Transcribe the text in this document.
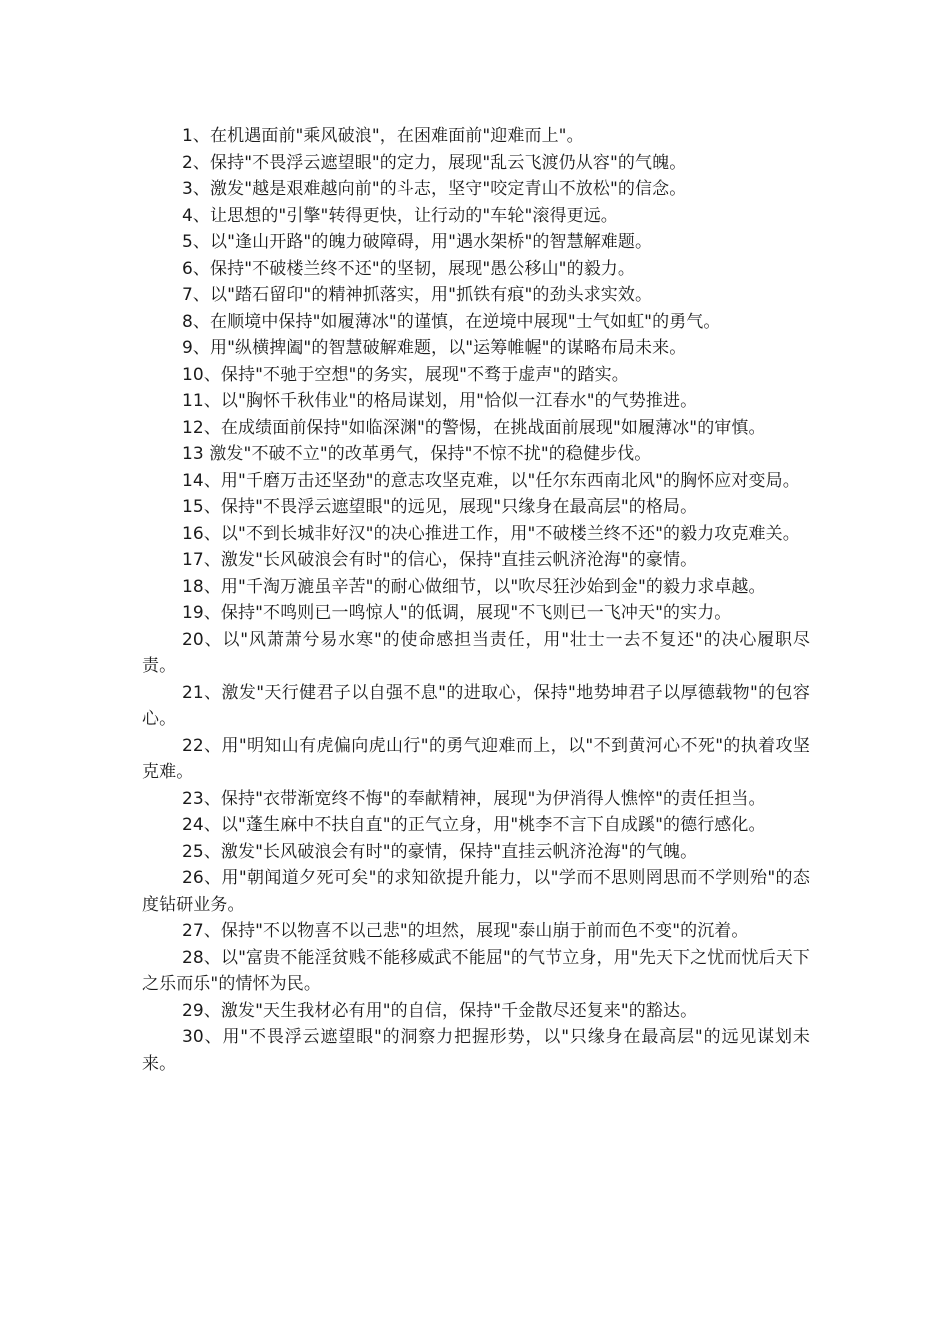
1、在机遇面前"乘风破浪"，在困难面前"迎难而上"。

2、保持"不畏浮云遮望眼"的定力，展现"乱云飞渡仍从容"的气魄。

3、激发"越是艰难越向前"的斗志，坚守"咬定青山不放松"的信念。

4、让思想的"引擎"转得更快，让行动的"车轮"滚得更远。

5、以"逢山开路"的魄力破障碍，用"遇水架桥"的智慧解难题。

6、保持"不破楼兰终不还"的坚韧，展现"愚公移山"的毅力。

7、以"踏石留印"的精神抓落实，用"抓铁有痕"的劲头求实效。

8、在顺境中保持"如履薄冰"的谨慎，在逆境中展现"士气如虹"的勇气。

9、用"纵横捭阖"的智慧破解难题，以"运筹帷幄"的谋略布局未来。

10、保持"不驰于空想"的务实，展现"不骛于虚声"的踏实。

11、以"胸怀千秋伟业"的格局谋划，用"恰似一江春水"的气势推进。

12、在成绩面前保持"如临深渊"的警惕，在挑战面前展现"如履薄冰"的审慎。

13 激发"不破不立"的改革勇气，保持"不惊不扰"的稳健步伐。

14、用"千磨万击还坚劲"的意志攻坚克难，以"任尔东西南北风"的胸怀应对变局。

15、保持"不畏浮云遮望眼"的远见，展现"只缘身在最高层"的格局。

16、以"不到长城非好汉"的决心推进工作，用"不破楼兰终不还"的毅力攻克难关。

17、激发"长风破浪会有时"的信心，保持"直挂云帆济沧海"的豪情。

18、用"千淘万漉虽辛苦"的耐心做细节，以"吹尽狂沙始到金"的毅力求卓越。

19、保持"不鸣则已一鸣惊人"的低调，展现"不飞则已一飞冲天"的实力。

20、以"风萧萧兮易水寒"的使命感担当责任，用"壮士一去不复还"的决心履职尽责。

21、激发"天行健君子以自强不息"的进取心，保持"地势坤君子以厚德载物"的包容心。

22、用"明知山有虎偏向虎山行"的勇气迎难而上，以"不到黄河心不死"的执着攻坚克难。

23、保持"衣带渐宽终不悔"的奉献精神，展现"为伊消得人憔悴"的责任担当。

24、以"蓬生麻中不扶自直"的正气立身，用"桃李不言下自成蹊"的德行感化。

25、激发"长风破浪会有时"的豪情，保持"直挂云帆济沧海"的气魄。

26、用"朝闻道夕死可矣"的求知欲提升能力，以"学而不思则罔思而不学则殆"的态度钻研业务。

27、保持"不以物喜不以己悲"的坦然，展现"泰山崩于前而色不变"的沉着。

28、以"富贵不能淫贫贱不能移威武不能屈"的气节立身，用"先天下之忧而忧后天下之乐而乐"的情怀为民。

29、激发"天生我材必有用"的自信，保持"千金散尽还复来"的豁达。

30、用"不畏浮云遮望眼"的洞察力把握形势，以"只缘身在最高层"的远见谋划未来。
